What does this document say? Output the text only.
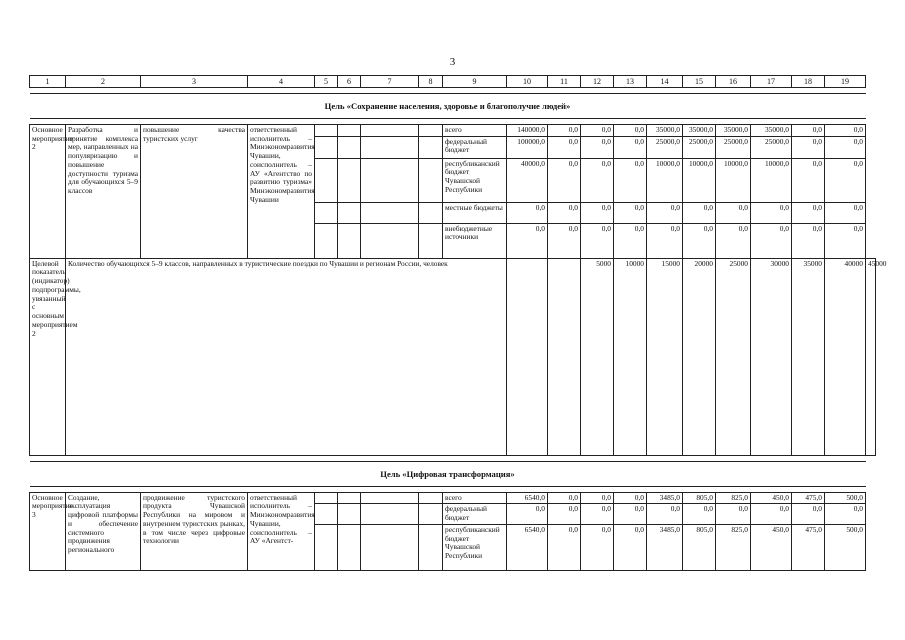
3
1	2	3	4	5	6	7	8	9	10	11	12	13	14	15	16	17	18	19	

Цель «Сохранение населения, здоровье и благополучие людей»																			

Основное мероприятие 2	Разработка и принятие комплекса мер, направленных на популяризацию и повышение доступности туризма для обучающихся 5–9 классов	повышение качества туристских услуг	ответственный исполнитель – Минэкономразвития Чувашии, соисполнитель – АУ «Агентство по развитию туризма» Минэкономразвития Чувашии					всего	140000,0	0,0	0,0	0,0	35000,0	35000,0	35000,0	35000,0	0,0	0,0	
								федеральный бюджет	100000,0	0,0	0,0	0,0	25000,0	25000,0	25000,0	25000,0	0,0	0,0	
								республиканский бюджет Чувашской Республики	40000,0	0,0	0,0	0,0	10000,0	10000,0	10000,0	10000,0	0,0	0,0	
								местные бюджеты	0,0	0,0	0,0	0,0	0,0	0,0	0,0	0,0	0,0	0,0	
								внебюджетные источники	0,0	0,0	0,0	0,0	0,0	0,0	0,0	0,0	0,0	0,0	
Целевой показатель (индикатор) подпрограммы, увязанный с основным мероприятием 2	Количество обучающихся 5–9 классов, направленных в туристические поездки по Чувашии и регионам России, человек										5000	10000	15000	20000	25000	30000	35000	40000	45000

Цель «Цифровая трансформация»																			

Основное мероприятие 3	Создание, эксплуатация цифровой платформы и обеспечение системного продвижения регионального	продвижение туристского продукта Чувашской Республики на мировом и внутреннем туристских рынках, в том числе через цифровые технологии	ответственный исполнитель – Минэкономразвития Чувашии, соисполнитель – АУ «Агентст-					всего	6540,0	0,0	0,0	0,0	3485,0	805,0	825,0	450,0	475,0	500,0	
								федеральный бюджет	0,0	0,0	0,0	0,0	0,0	0,0	0,0	0,0	0,0	0,0	
								республиканский бюджет Чувашской Республики	6540,0	0,0	0,0	0,0	3485,0	805,0	825,0	450,0	475,0	500,0	
